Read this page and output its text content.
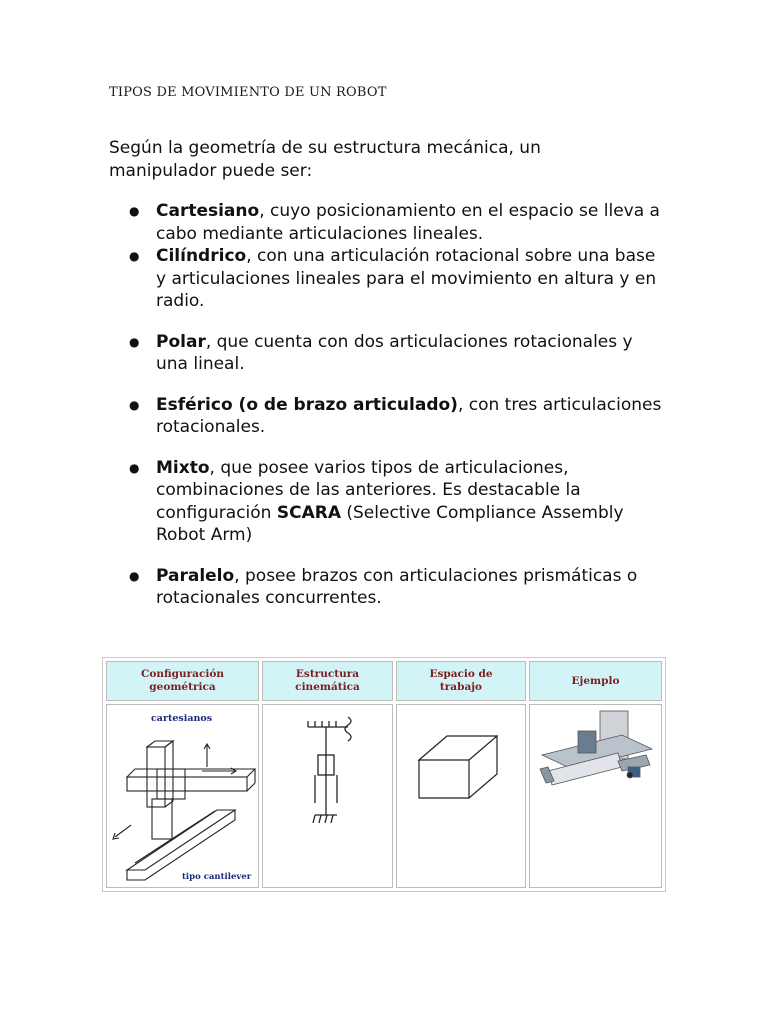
TIPOS DE MOVIMIENTO DE UN ROBOT
Según la geometría de su estructura mecánica, un
manipulador puede ser:
● Cartesiano, cuyo posicionamiento en el espacio se lleva a cabo mediante articulaciones lineales.
● Cilíndrico, con una articulación rotacional sobre una base y articulaciones lineales para el movimiento en altura y en radio.
● Polar, que cuenta con dos articulaciones rotacionales y una lineal.
● Esférico (o de brazo articulado), con tres articulaciones rotacionales.
● Mixto, que posee varios tipos de articulaciones, combinaciones de las anteriores. Es destacable la configuración SCARA (Selective Compliance Assembly Robot Arm)
● Paralelo, posee brazos con articulaciones prismáticas o rotacionales concurrentes.
Configuración
geométrica
Estructura
cinemática
Espacio de
trabajo
Ejemplo
cartesianos
tipo cantilever
